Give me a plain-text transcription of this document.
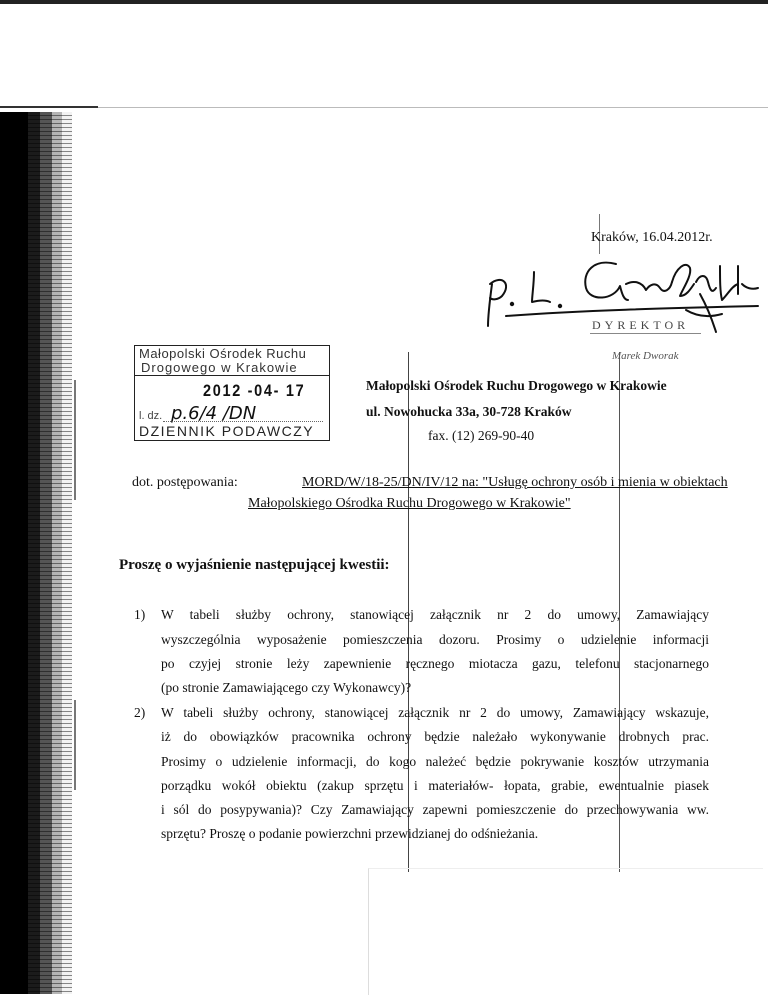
Kraków, 16.04.2012r.
p.L. Gwołdziński
DYREKTOR
Marek Dworak
Małopolski Ośrodek Ruchu
Drogowego w Krakowie
2012 -04- 17
l. dz. p.6/4 /DN
DZIENNIK PODAWCZY
Małopolski Ośrodek Ruchu Drogowego w Krakowie
ul. Nowohucka 33a, 30-728 Kraków
fax. (12) 269-90-40
dot. postępowania:	MORD/W/18-25/DN/IV/12 na: "Usługę ochrony osób i mienia w obiektach
Małopolskiego Ośrodka Ruchu Drogowego w Krakowie"
Proszę o wyjaśnienie następującej kwestii:
1) W tabeli służby ochrony, stanowiącej załącznik nr 2 do umowy, Zamawiający
wyszczególnia wyposażenie pomieszczenia dozoru. Prosimy o udzielenie informacji
po czyjej stronie leży zapewnienie ręcznego miotacza gazu, telefonu stacjonarnego
(po stronie Zamawiającego czy Wykonawcy)?
2) W tabeli służby ochrony, stanowiącej załącznik nr 2 do umowy, Zamawiający wskazuje,
iż do obowiązków pracownika ochrony będzie należało wykonywanie drobnych prac.
Prosimy o udzielenie informacji, do kogo należeć będzie pokrywanie kosztów utrzymania
porządku wokół obiektu (zakup sprzętu i materiałów- łopata, grabie, ewentualnie piasek
i sól do posypywania)? Czy Zamawiający zapewni pomieszczenie do przechowywania ww.
sprzętu? Proszę o podanie powierzchni przewidzianej do odśnieżania.
